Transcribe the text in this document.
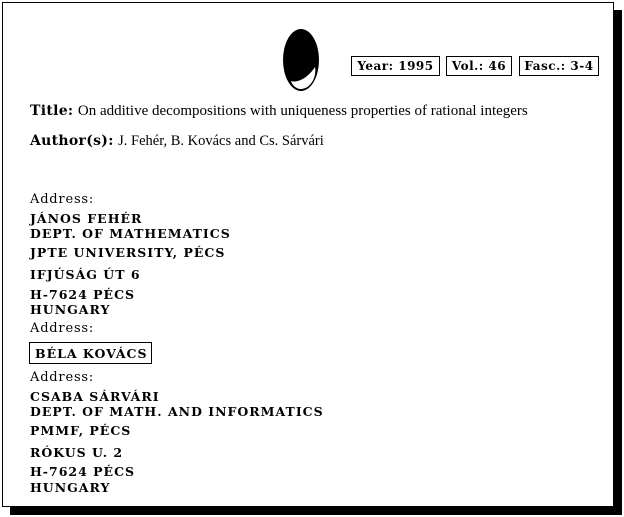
Year: 1995	Vol.: 46	Fasc.: 3-4
Title: On additive decompositions with uniqueness properties of rational integers
Author(s): J. Fehér, B. Kovács and Cs. Sárvári
Address:
JÁNOS FEHÉR
DEPT. OF MATHEMATICS
JPTE UNIVERSITY, PÉCS
IFJÚSÁG ÚT 6
H-7624 PÉCS
HUNGARY
Address:
BÉLA KOVÁCS
Address:
CSABA SÁRVÁRI
DEPT. OF MATH. AND INFORMATICS
PMMF, PÉCS
RÓKUS U. 2
H-7624 PÉCS
HUNGARY
